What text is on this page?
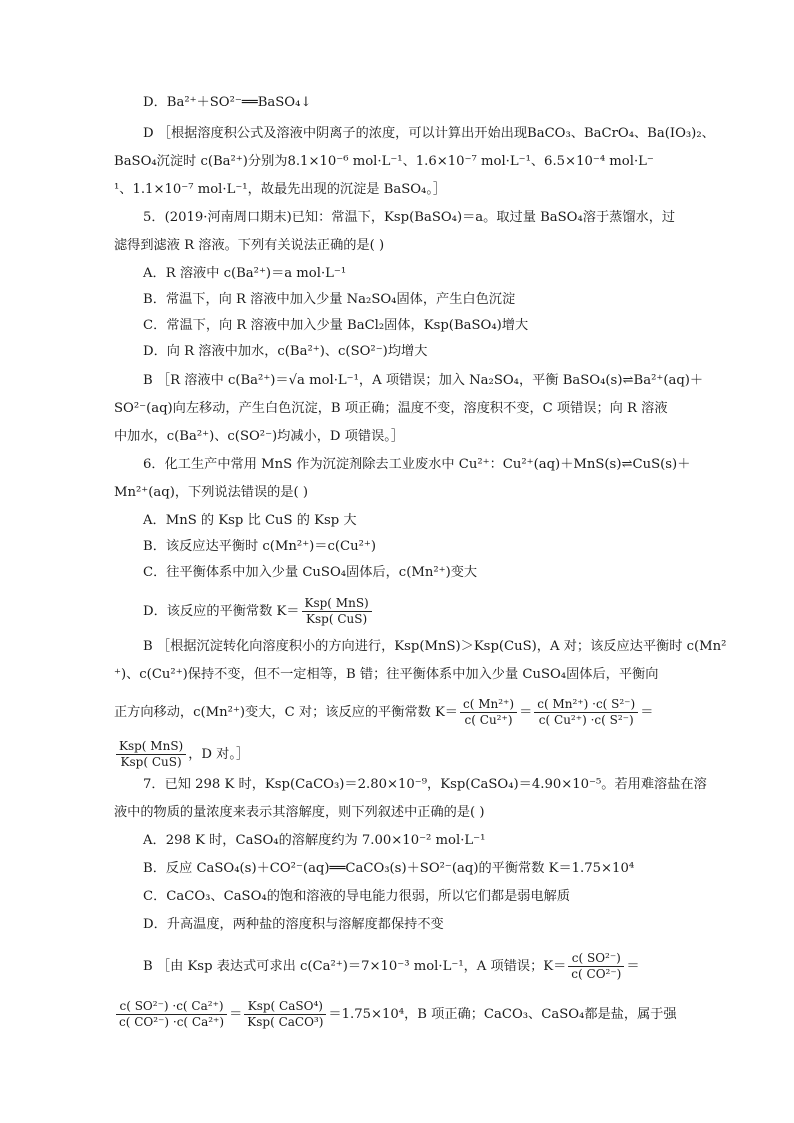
D．Ba²⁺＋SO²⁻══BaSO₄↓
D ［根据溶度积公式及溶液中阴离子的浓度，可以计算出开始出现BaCO₃、BaCrO₄、Ba(IO₃)₂、
BaSO₄沉淀时 c(Ba²⁺)分别为8.1×10⁻⁶ mol·L⁻¹、1.6×10⁻⁷ mol·L⁻¹、6.5×10⁻⁴ mol·L⁻
¹、1.1×10⁻⁷ mol·L⁻¹，故最先出现的沉淀是 BaSO₄。］
5．(2019·河南周口期末)已知：常温下，Ksp(BaSO₄)＝a。取过量 BaSO₄溶于蒸馏水，过
滤得到滤液 R 溶液。下列有关说法正确的是( )
A．R 溶液中 c(Ba²⁺)＝a mol·L⁻¹
B．常温下，向 R 溶液中加入少量 Na₂SO₄固体，产生白色沉淀
C．常温下，向 R 溶液中加入少量 BaCl₂固体，Ksp(BaSO₄)增大
D．向 R 溶液中加水，c(Ba²⁺)、c(SO²⁻)均增大
B ［R 溶液中 c(Ba²⁺)＝√a mol·L⁻¹，A 项错误；加入 Na₂SO₄，平衡 BaSO₄(s)⇌Ba²⁺(aq)＋
SO²⁻(aq)向左移动，产生白色沉淀，B 项正确；温度不变，溶度积不变，C 项错误；向 R 溶液
中加水，c(Ba²⁺)、c(SO²⁻)均减小，D 项错误。］
6．化工生产中常用 MnS 作为沉淀剂除去工业废水中 Cu²⁺：Cu²⁺(aq)＋MnS(s)⇌CuS(s)＋
Mn²⁺(aq)，下列说法错误的是( )
A．MnS 的 Ksp 比 CuS 的 Ksp 大
B．该反应达平衡时 c(Mn²⁺)＝c(Cu²⁺)
C．往平衡体系中加入少量 CuSO₄固体后，c(Mn²⁺)变大
D．该反应的平衡常数 $K= \frac{\text{Ksp( MnS)}}{\text{Ksp( CuS)}}$
B ［根据沉淀转化向溶度积小的方向进行，Ksp(MnS)＞Ksp(CuS)，A 对；该反应达平衡时 c(Mn²
⁺)、c(Cu²⁺)保持不变，但不一定相等，B 错；往平衡体系中加入少量 CuSO₄固体后，平衡向
正方向移动，c(Mn²⁺)变大，C 对；该反应的平衡常数 $K= \frac{\text{c( Mn²⁺)}}{\text{c( Cu²⁺)}} = \frac{\text{c( Mn²⁺) ·c( S²⁻)}}{\text{c( Cu²⁺) ·c( S²⁻)}}$ ＝
$\frac{\text{Ksp( MnS)}}{\text{Ksp( CuS)}}$ ，D 对。］
7．已知 298 K 时，Ksp(CaCO₃)＝2.80×10⁻⁹，Ksp(CaSO₄)＝4.90×10⁻⁵。若用难溶盐在溶
液中的物质的量浓度来表示其溶解度，则下列叙述中正确的是( )
A．298 K 时，CaSO₄的溶解度约为 7.00×10⁻² mol·L⁻¹
B．反应 CaSO₄(s)＋CO²⁻(aq)══CaCO₃(s)＋SO²⁻(aq)的平衡常数 K＝1.75×10⁴
C．CaCO₃、CaSO₄的饱和溶液的导电能力很弱，所以它们都是弱电解质
D．升高温度，两种盐的溶度积与溶解度都保持不变
B ［由 Ksp 表达式可求出 c(Ca²⁺)＝7×10⁻³ mol·L⁻¹，A 项错误；$K= \frac{\text{c( SO²⁻)}}{\text{c( CO²⁻)}}$ ＝
$\frac{\text{c( SO²⁻) ·c( Ca²⁺)}}{\text{c( CO²⁻) ·c( Ca²⁺)}} = \frac{\text{Ksp( CaSO⁴)}}{\text{Ksp( CaCO³)}} =1.75\times 10^4$，B 项正确；CaCO₃、CaSO₄都是盐，属于强
